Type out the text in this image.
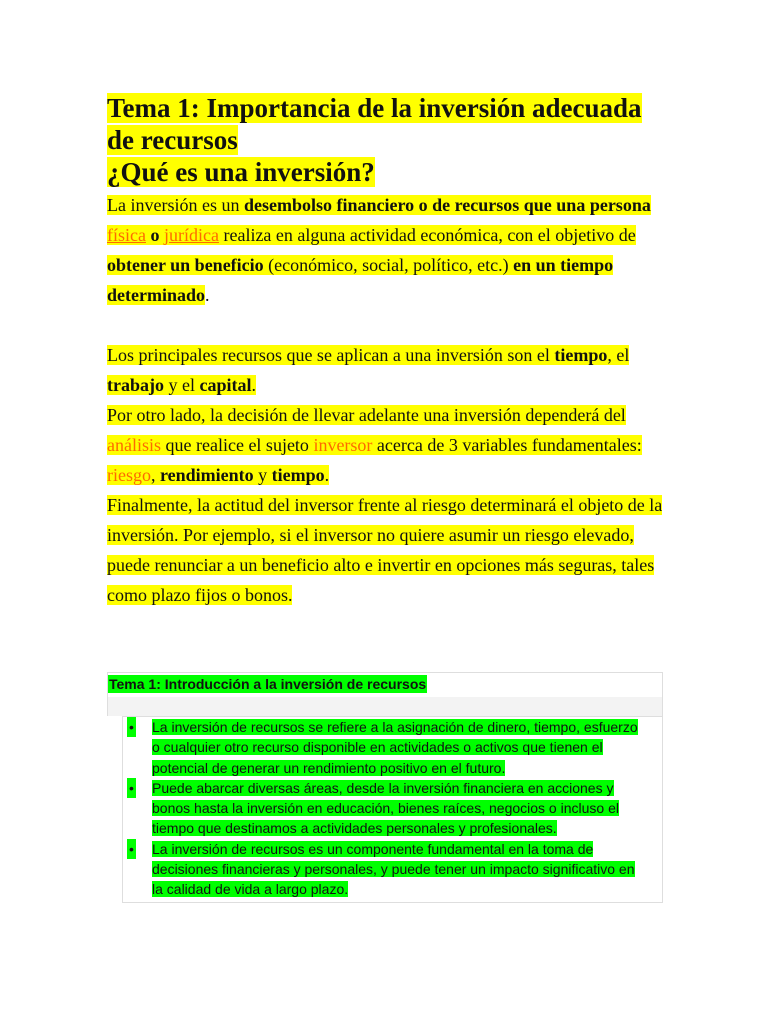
Tema 1: Importancia de la inversión adecuada
de recursos
¿Qué es una inversión?

La inversión es un desembolso financiero o de recursos que una persona física o jurídica realiza en alguna actividad económica, con el objetivo de obtener un beneficio (económico, social, político, etc.) en un tiempo determinado.

Los principales recursos que se aplican a una inversión son el tiempo, el trabajo y el capital.

Por otro lado, la decisión de llevar adelante una inversión dependerá del análisis que realice el sujeto inversor acerca de 3 variables fundamentales: riesgo, rendimiento y tiempo.

Finalmente, la actitud del inversor frente al riesgo determinará el objeto de la inversión. Por ejemplo, si el inversor no quiere asumir un riesgo elevado, puede renunciar a un beneficio alto e invertir en opciones más seguras, tales como plazo fijos o bonos.

Tema 1: Introducción a la inversión de recursos
• La inversión de recursos se refiere a la asignación de dinero, tiempo, esfuerzo o cualquier otro recurso disponible en actividades o activos que tienen el potencial de generar un rendimiento positivo en el futuro.
• Puede abarcar diversas áreas, desde la inversión financiera en acciones y bonos hasta la inversión en educación, bienes raíces, negocios o incluso el tiempo que destinamos a actividades personales y profesionales.
• La inversión de recursos es un componente fundamental en la toma de decisiones financieras y personales, y puede tener un impacto significativo en la calidad de vida a largo plazo.
